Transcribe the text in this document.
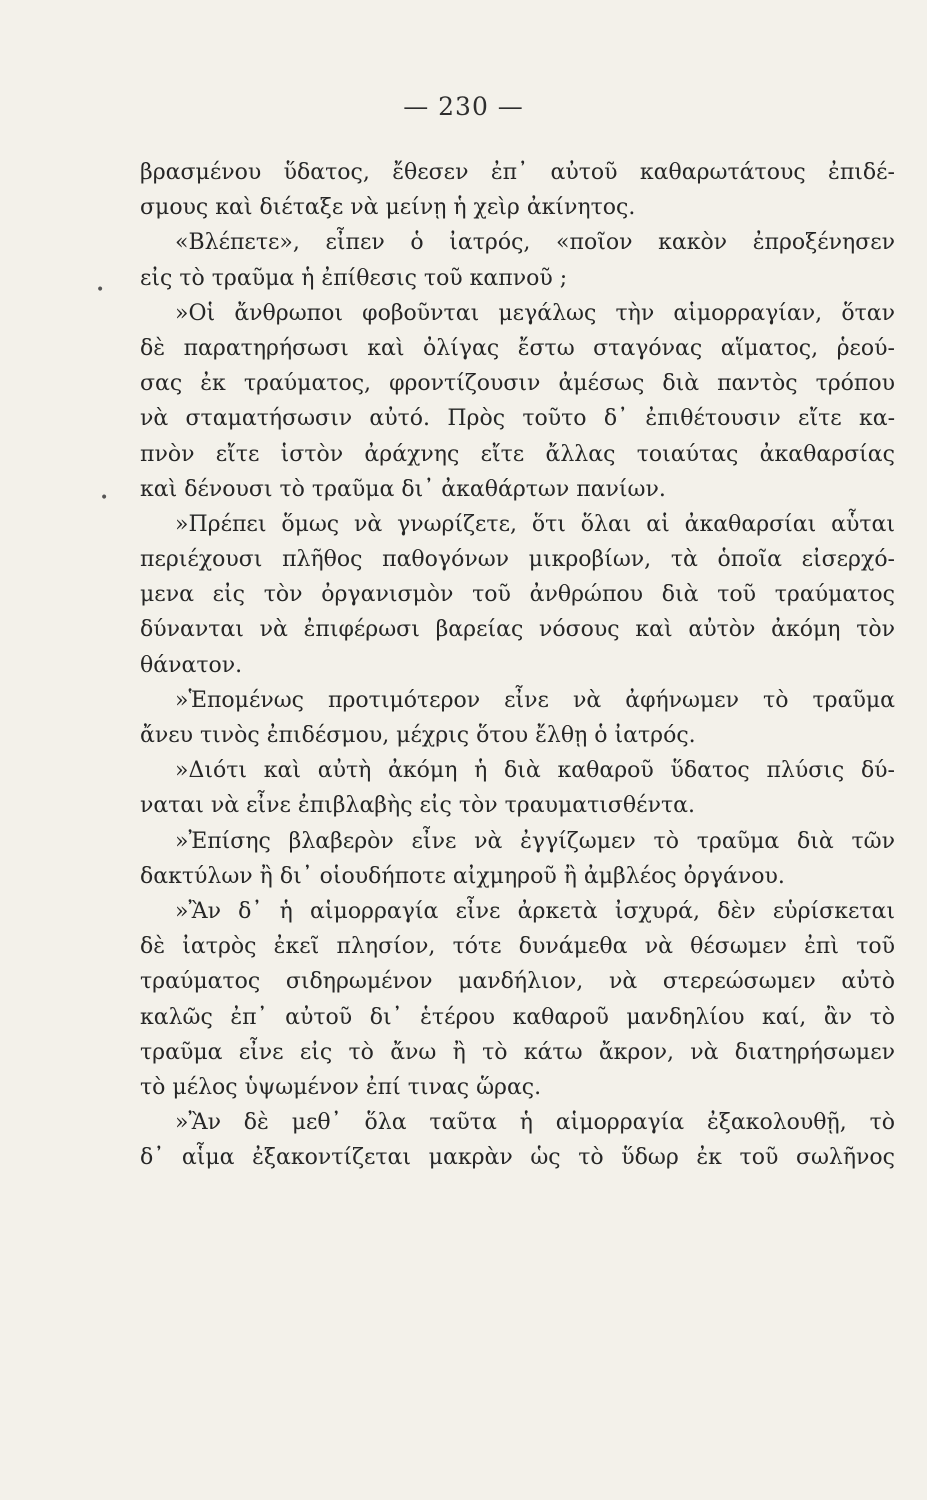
— 230 —
•
•
βρασμένου ὕδατος, ἔθεσεν ἐπ᾽ αὐτοῦ καθαρωτάτους ἐπιδέ-
σμους καὶ διέταξε νὰ μείνῃ ἡ χεὶρ ἀκίνητος.
«Βλέπετε», εἶπεν ὁ ἰατρός, «ποῖον κακὸν ἐπροξένησεν
εἰς τὸ τραῦμα ἡ ἐπίθεσις τοῦ καπνοῦ ;
»Οἱ ἄνθρωποι φοβοῦνται μεγάλως τὴν αἱμορραγίαν, ὅταν
δὲ παρατηρήσωσι καὶ ὀλίγας ἔστω σταγόνας αἵματος, ῥεού-
σας ἐκ τραύματος, φροντίζουσιν ἀμέσως διὰ παντὸς τρόπου
νὰ σταματήσωσιν αὐτό. Πρὸς τοῦτο δ᾽ ἐπιθέτουσιν εἴτε κα-
πνὸν εἴτε ἱστὸν ἀράχνης εἴτε ἄλλας τοιαύτας ἀκαθαρσίας
καὶ δένουσι τὸ τραῦμα δι᾽ ἀκαθάρτων πανίων.
»Πρέπει ὅμως νὰ γνωρίζετε, ὅτι ὅλαι αἱ ἀκαθαρσίαι αὗται
περιέχουσι πλῆθος παθογόνων μικροβίων, τὰ ὁποῖα εἰσερχό-
μενα εἰς τὸν ὀργανισμὸν τοῦ ἀνθρώπου διὰ τοῦ τραύματος
δύνανται νὰ ἐπιφέρωσι βαρείας νόσους καὶ αὐτὸν ἀκόμη τὸν
θάνατον.
»Ἑπομένως προτιμότερον εἶνε νὰ ἀφήνωμεν τὸ τραῦμα
ἄνευ τινὸς ἐπιδέσμου, μέχρις ὅτου ἔλθῃ ὁ ἰατρός.
»Διότι καὶ αὐτὴ ἀκόμη ἡ διὰ καθαροῦ ὕδατος πλύσις δύ-
ναται νὰ εἶνε ἐπιβλαβὴς εἰς τὸν τραυματισθέντα.
»Ἐπίσης βλαβερὸν εἶνε νὰ ἐγγίζωμεν τὸ τραῦμα διὰ τῶν
δακτύλων ἢ δι᾽ οἱουδήποτε αἰχμηροῦ ἢ ἀμβλέος ὀργάνου.
»Ἂν δ᾽ ἡ αἱμορραγία εἶνε ἀρκετὰ ἰσχυρά, δὲν εὑρίσκεται
δὲ ἰατρὸς ἐκεῖ πλησίον, τότε δυνάμεθα νὰ θέσωμεν ἐπὶ τοῦ
τραύματος σιδηρωμένον μανδήλιον, νὰ στερεώσωμεν αὐτὸ
καλῶς ἐπ᾽ αὐτοῦ δι᾽ ἑτέρου καθαροῦ μανδηλίου καί, ἂν τὸ
τραῦμα εἶνε εἰς τὸ ἄνω ἢ τὸ κάτω ἄκρον, νὰ διατηρήσωμεν
τὸ μέλος ὑψωμένον ἐπί τινας ὥρας.
»Ἂν δὲ μεθ᾽ ὅλα ταῦτα ἡ αἱμορραγία ἐξακολουθῇ, τὸ
δ᾽ αἷμα ἐξακοντίζεται μακρὰν ὡς τὸ ὕδωρ ἐκ τοῦ σωλῆνος
